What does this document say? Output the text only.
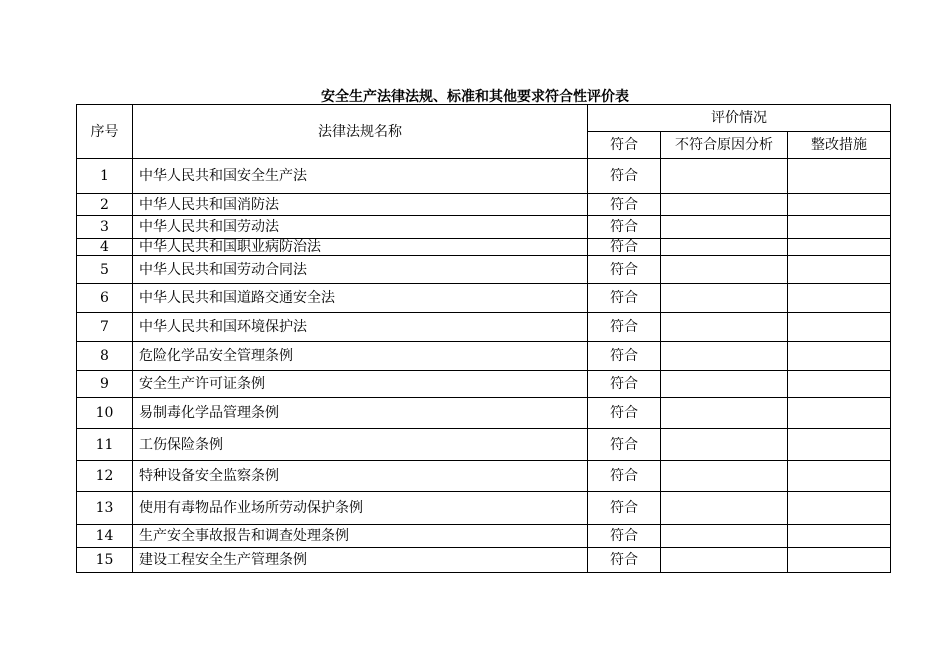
安全生产法律法规、标准和其他要求符合性评价表
序号	法律法规名称	评价情况		
		符合	不符合原因分析	整改措施
1	中华人民共和国安全生产法	符合		
2	中华人民共和国消防法	符合		
3	中华人民共和国劳动法	符合		
4	中华人民共和国职业病防治法	符合		
5	中华人民共和国劳动合同法	符合		
6	中华人民共和国道路交通安全法	符合		
7	中华人民共和国环境保护法	符合		
8	危险化学品安全管理条例	符合		
9	安全生产许可证条例	符合		
10	易制毒化学品管理条例	符合		
11	工伤保险条例	符合		
12	特种设备安全监察条例	符合		
13	使用有毒物品作业场所劳动保护条例	符合		
14	生产安全事故报告和调查处理条例	符合		
15	建设工程安全生产管理条例	符合		
